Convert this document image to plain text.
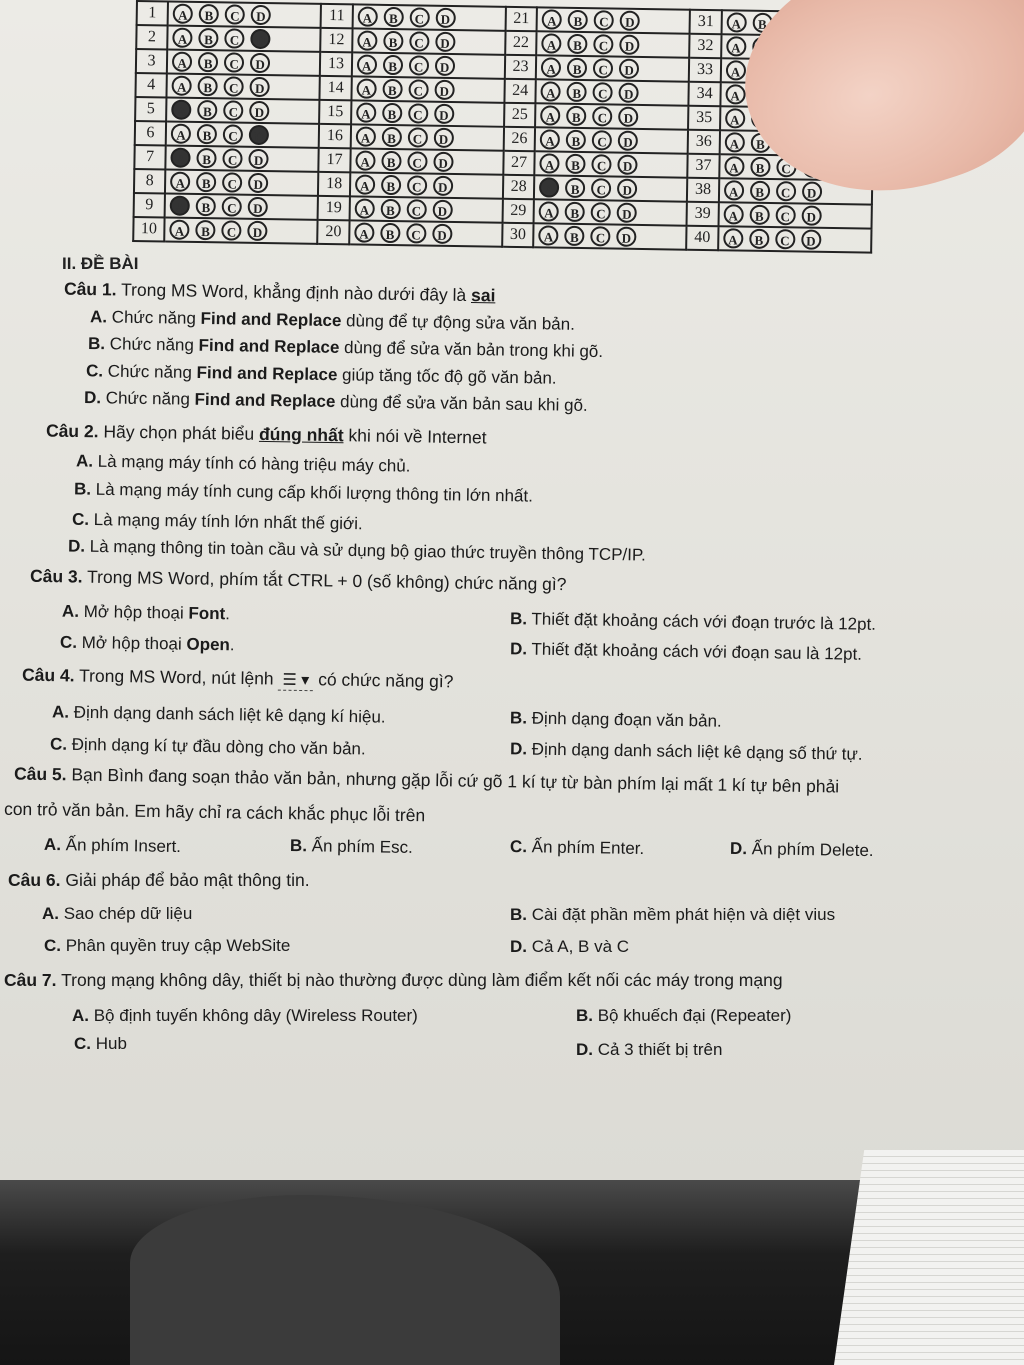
1	A B C D	11	A B C D	21	A B C D	31	A B
2	A B C D	12	A B C D	22	A B C D	32	A
3	A B C D	13	A B C D	23	A B C D	33	A
4	A B C D	14	A B C D	24	A B C D	34	A
5	A B C D	15	A B C D	25	A B C D	35	A
6	A B C D	16	A B C D	26	A B C D	36	A B
7	A B C D	17	A B C D	27	A B C D	37	A B C
8	A B C D	18	A B C D	28	A B C D	38	A B C D
9	A B C D	19	A B C D	29	A B C D	39	A B C D
10	A B C D	20	A B C D	30	A B C D	40	A B C D
II. ĐỀ BÀI
Câu 1. Trong MS Word, khẳng định nào dưới đây là sai
A. Chức năng Find and Replace dùng để tự động sửa văn bản.
B. Chức năng Find and Replace dùng để sửa văn bản trong khi gõ.
C. Chức năng Find and Replace giúp tăng tốc độ gõ văn bản.
D. Chức năng Find and Replace dùng để sửa văn bản sau khi gõ.
Câu 2. Hãy chọn phát biểu đúng nhất khi nói về Internet
A. Là mạng máy tính có hàng triệu máy chủ.
B. Là mạng máy tính cung cấp khối lượng thông tin lớn nhất.
C. Là mạng máy tính lớn nhất thế giới.
D. Là mạng thông tin toàn cầu và sử dụng bộ giao thức truyền thông TCP/IP.
Câu 3. Trong MS Word, phím tắt CTRL + 0 (số không) chức năng gì?
A. Mở hộp thoại Font.	B. Thiết đặt khoảng cách với đoạn trước là 12pt.
C. Mở hộp thoại Open.	D. Thiết đặt khoảng cách với đoạn sau là 12pt.
Câu 4. Trong MS Word, nút lệnh ☰ ▾ có chức năng gì?
A. Định dạng danh sách liệt kê dạng kí hiệu.	B. Định dạng đoạn văn bản.
C. Định dạng kí tự đầu dòng cho văn bản.	D. Định dạng danh sách liệt kê dạng số thứ tự.
Câu 5. Bạn Bình đang soạn thảo văn bản, nhưng gặp lỗi cứ gõ 1 kí tự từ bàn phím lại mất 1 kí tự bên phải
con trỏ văn bản. Em hãy chỉ ra cách khắc phục lỗi trên
A. Ấn phím Insert.	B. Ấn phím Esc.	C. Ấn phím Enter.	D. Ấn phím Delete.
Câu 6. Giải pháp để bảo mật thông tin.
A. Sao chép dữ liệu	B. Cài đặt phần mềm phát hiện và diệt vius
C. Phân quyền truy cập WebSite	D. Cả A, B và C
Câu 7. Trong mạng không dây, thiết bị nào thường được dùng làm điểm kết nối các máy trong mạng
A. Bộ định tuyến không dây (Wireless Router)	B. Bộ khuếch đại (Repeater)
C. Hub	D. Cả 3 thiết bị trên
